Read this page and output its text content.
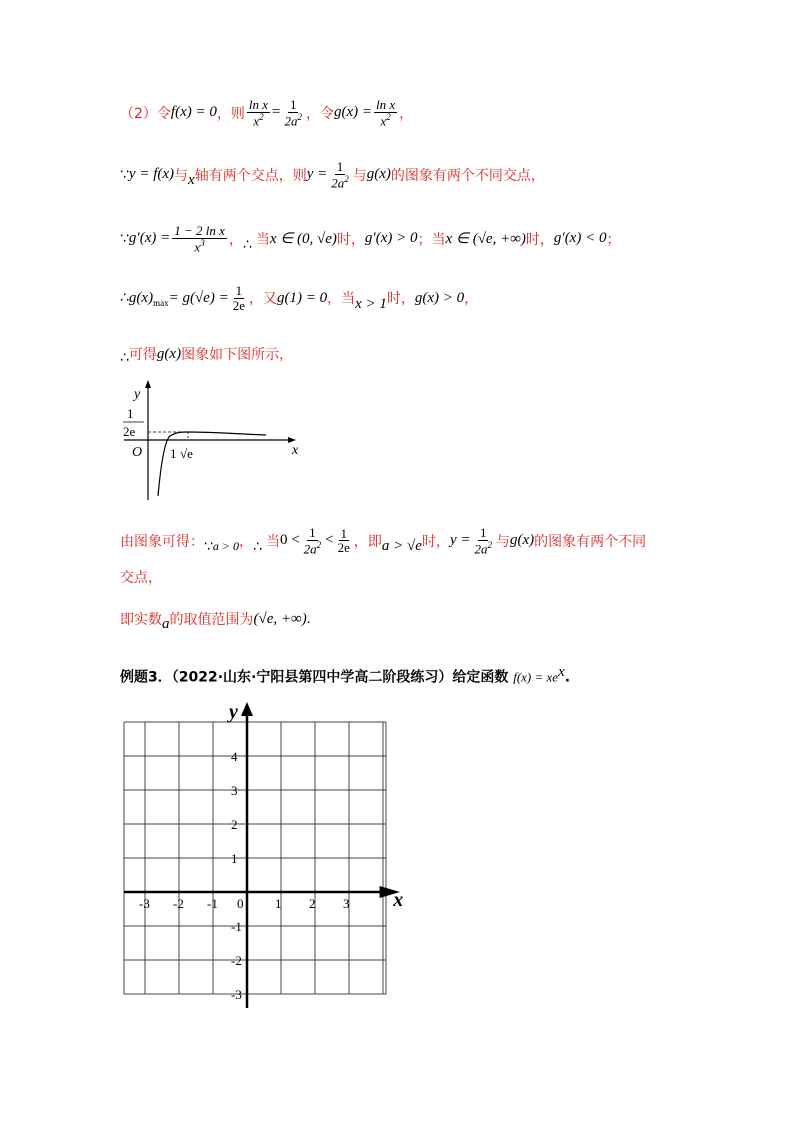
（2）令 f(x) = 0 ，则 $\frac{\text{ln x}}{x^2} = \frac{1}{2a^2}$ ，令 $g(x) = \frac{\text{ln x}}{x^2}$ ，
∵ y = f(x) 与 x 轴有两个交点，则 $y = \frac{1}{2a^2}$ 与 g(x) 的图象有两个不同交点，
∵ $g'(x) = \frac{\text{1 − 2 ln x}}{x^3}$ ， ∴ 当 x ∈ (0, √e) 时， g′(x) > 0 ； 当 x ∈ (√e, +∞) 时， g′(x) < 0 ；
∴ $g(x)_{max} = g(√e) = \frac{1}{2e}$ ，又 g(1) = 0 ， 当 x > 1 时， g(x) > 0 ，
∴ 可得 g(x) 图象如下图所示，
y
x
O
1
2e
1 √e
由图象可得： ∵ a > 0 ， ∴ 当 $0 < \frac{1}{2a^2} < \frac{1}{2e}$ ，即 a > √e 时， $y = \frac{1}{2a^2}$ 与 g(x) 的图象有两个不同
交点，
即实数 a 的取值范围为 (√e, +∞) .
例题3．（2022·山东·宁阳县第四中学高二阶段练习）给定函数 $f(x) = xe^x$.
-3 -2 -1 0 1 2 3
4
3
2
1
-1
-2
-3
x
y
